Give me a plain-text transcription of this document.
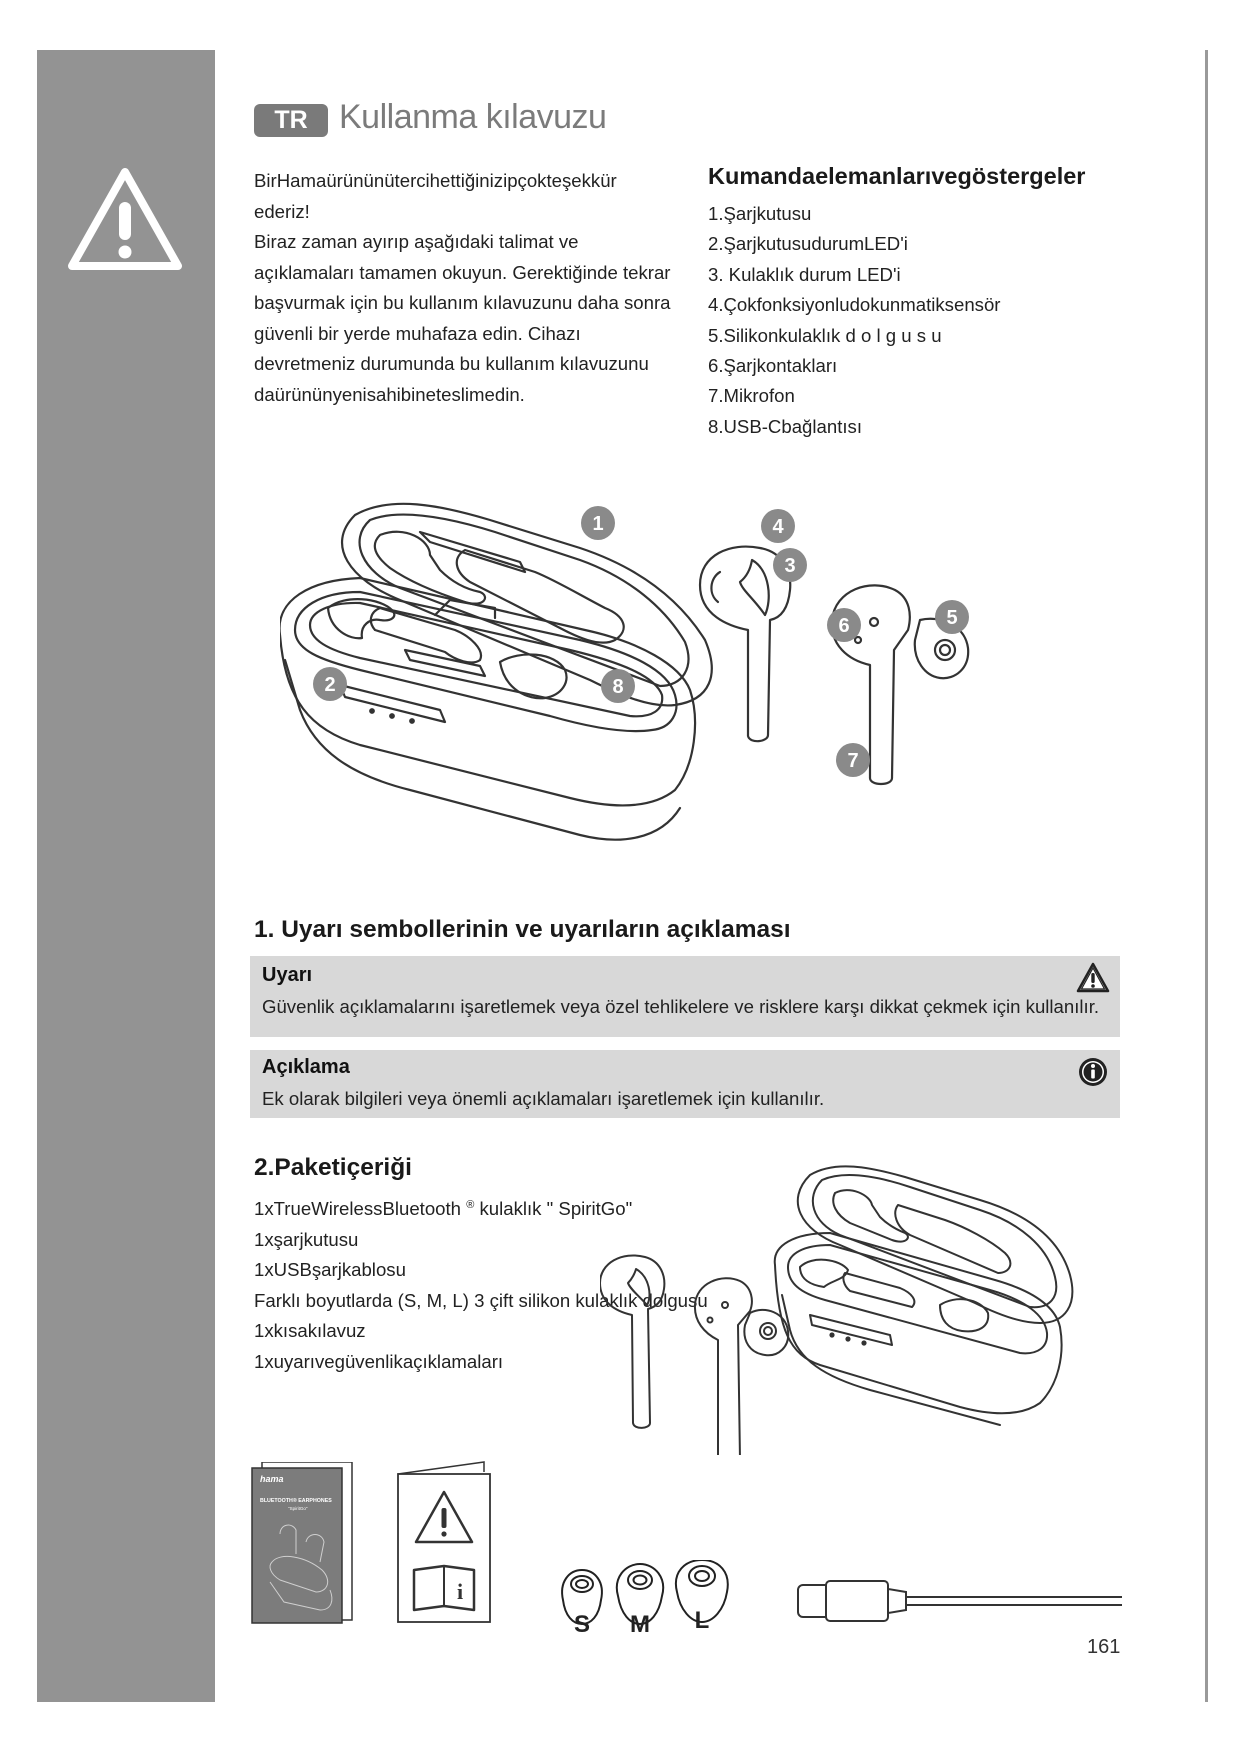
TR Kullanma kılavuzu

BirHamaürününütercihettiğinizipçokteşekkür ederiz!

Biraz zaman ayırıp aşağıdaki talimat ve açıklamaları tamamen okuyun. Gerektiğinde tekrar başvurmak için bu kullanım kılavuzunu daha sonra güvenli bir yerde muhafaza edin. Cihazı devretmeniz durumunda bu kullanım kılavuzunu daürününyenisahibineteslimedin.

Kumandaelemanlarıvegöstergeler
1.Şarjkutusu
2.ŞarjkutusudurumLED'i
3. Kulaklık durum LED'i
4.Çokfonksiyonludokunmatiksensör
5.Silikonkulaklık d o l g u s u
6.Şarjkontakları
7.Mikrofon
8.USB-Cbağlantısı
1
2
3
4
5
6
7
8
1. Uyarı sembollerinin ve uyarıların açıklaması
Uyarı
Güvenlik açıklamalarını işaretlemek veya özel tehlikelere ve risklere karşı dikkat çekmek için kullanılır.
Açıklama
Ek olarak bilgileri veya önemli açıklamaları işaretlemek için kullanılır.
2.Paketiçeriği
1xTrueWirelessBluetooth ® kulaklık " SpiritGo"
1xşarjkutusu
1xUSBşarjkablosu
Farklı boyutlarda (S, M, L) 3 çift silikon kulaklık dolgusu
1xkısakılavuz
1xuyarıvegüvenlikaçıklamaları
hama
BLUETOOTH® EARPHONES
"SpiritGo"
i
S M L
161
